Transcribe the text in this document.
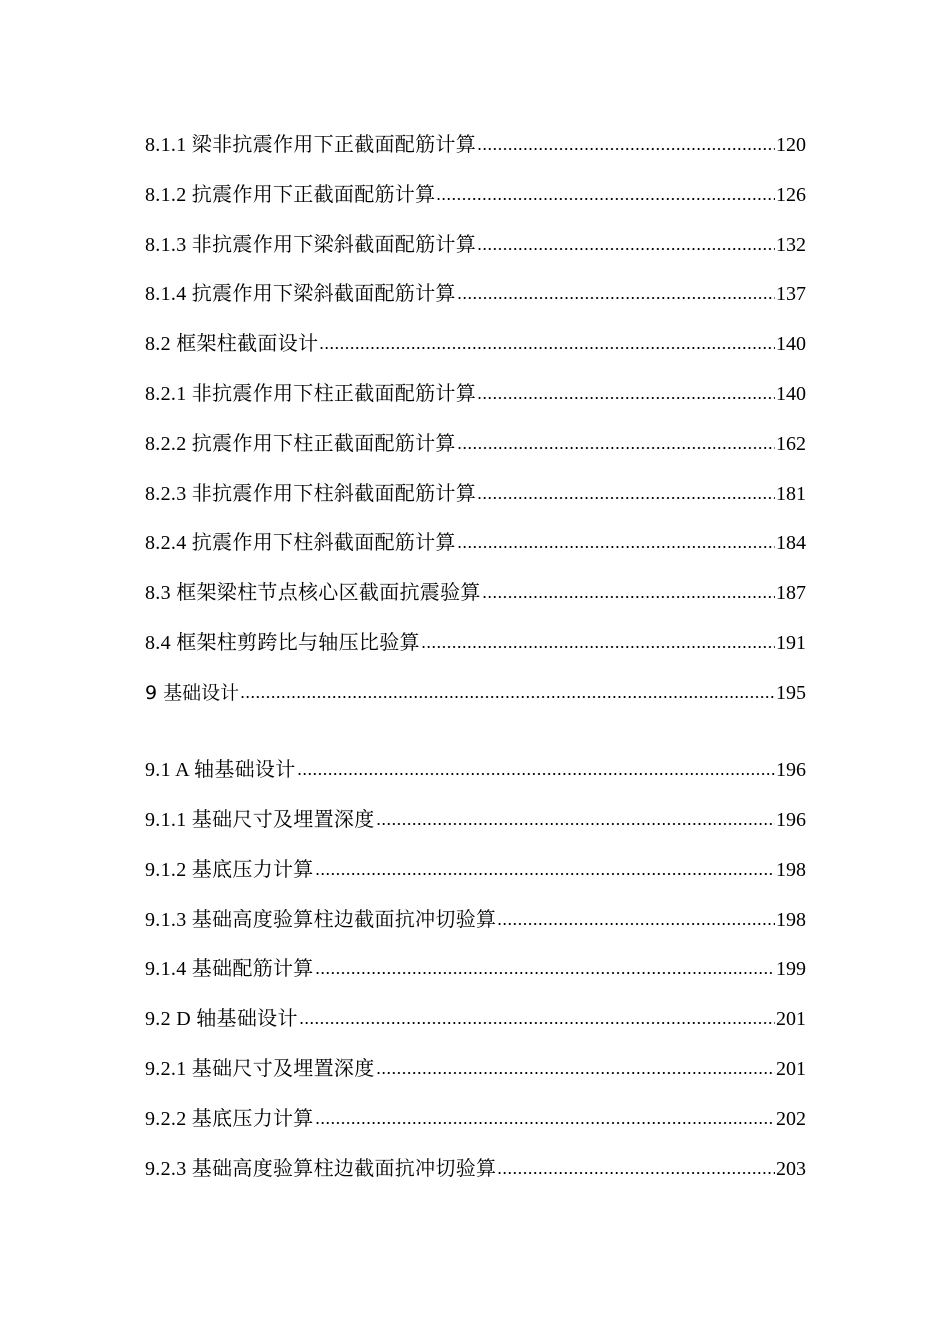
8.1.1 梁非抗震作用下正截面配筋计算	120
8.1.2 抗震作用下正截面配筋计算	126
8.1.3 非抗震作用下梁斜截面配筋计算	132
8.1.4 抗震作用下梁斜截面配筋计算	137
8.2 框架柱截面设计	140
8.2.1 非抗震作用下柱正截面配筋计算	140
8.2.2 抗震作用下柱正截面配筋计算	162
8.2.3 非抗震作用下柱斜截面配筋计算	181
8.2.4 抗震作用下柱斜截面配筋计算	184
8.3 框架梁柱节点核心区截面抗震验算	187
8.4 框架柱剪跨比与轴压比验算	191
9 基础设计	195
9.1 A 轴基础设计	196
9.1.1 基础尺寸及埋置深度	196
9.1.2 基底压力计算	198
9.1.3 基础高度验算柱边截面抗冲切验算	198
9.1.4 基础配筋计算	199
9.2 D 轴基础设计	201
9.2.1 基础尺寸及埋置深度	201
9.2.2 基底压力计算	202
9.2.3 基础高度验算柱边截面抗冲切验算	203
